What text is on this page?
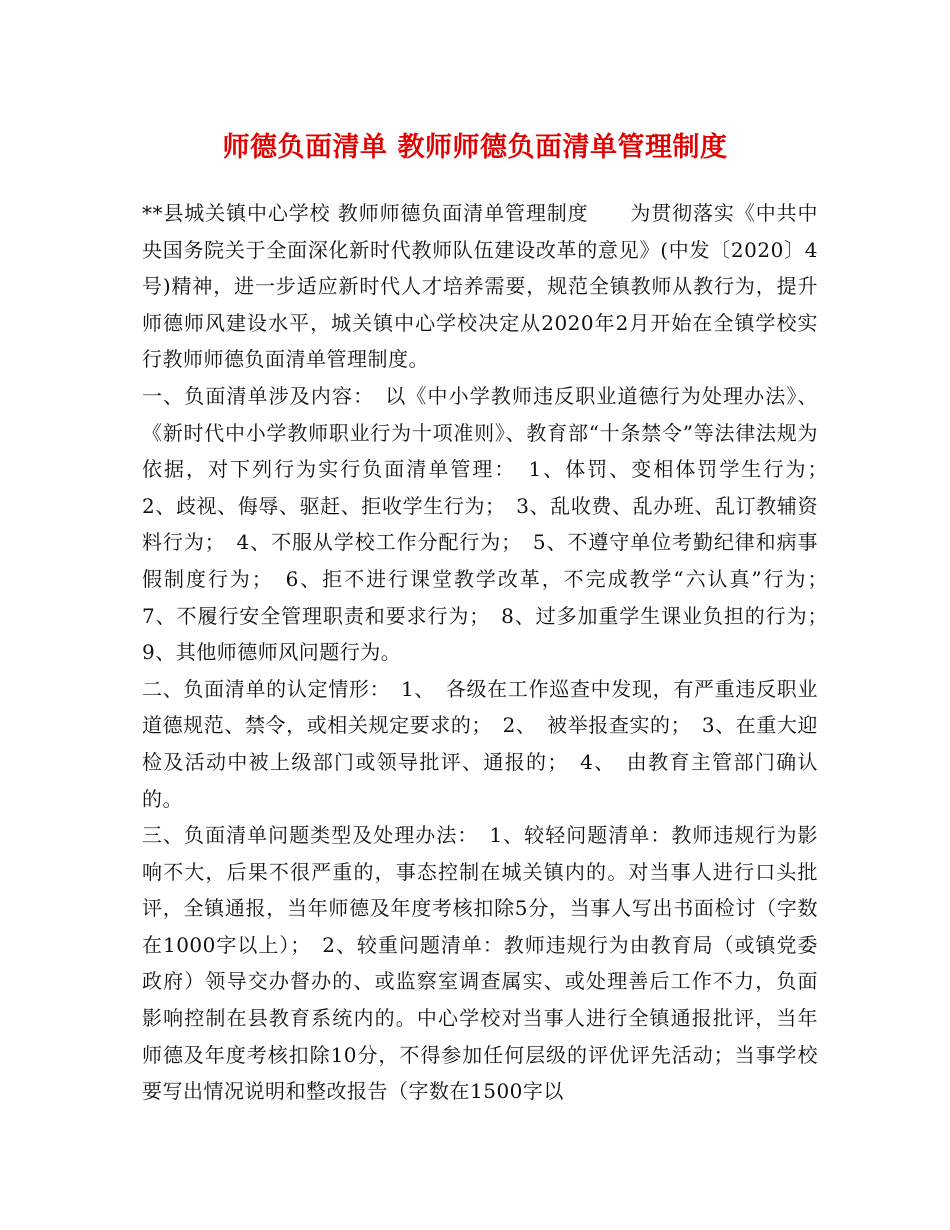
师德负面清单 教师师德负面清单管理制度

**县城关镇中心学校 教师师德负面清单管理制度　　为贯彻落实《中共中央国务院关于全面深化新时代教师队伍建设改革的意见》(中发〔2020〕4号)精神，进一步适应新时代人才培养需要，规范全镇教师从教行为，提升师德师风建设水平，城关镇中心学校决定从2020年2月开始在全镇学校实行教师师德负面清单管理制度。

一、负面清单涉及内容：　以《中小学教师违反职业道德行为处理办法》、《新时代中小学教师职业行为十项准则》、教育部“十条禁令”等法律法规为依据，对下列行为实行负面清单管理：　1、体罚、变相体罚学生行为；　2、歧视、侮辱、驱赶、拒收学生行为；　3、乱收费、乱办班、乱订教辅资料行为；　4、不服从学校工作分配行为；　5、不遵守单位考勤纪律和病事假制度行为；　6、拒不进行课堂教学改革，不完成教学“六认真”行为；　7、不履行安全管理职责和要求行为；　8、过多加重学生课业负担的行为；　9、其他师德师风问题行为。

二、负面清单的认定情形：　1、　各级在工作巡查中发现，有严重违反职业道德规范、禁令，或相关规定要求的；　2、　被举报查实的；　3、在重大迎检及活动中被上级部门或领导批评、通报的；　4、　由教育主管部门确认的。

三、负面清单问题类型及处理办法：　1、较轻问题清单：教师违规行为影响不大，后果不很严重的，事态控制在城关镇内的。对当事人进行口头批评，全镇通报，当年师德及年度考核扣除5分，当事人写出书面检讨（字数在1000字以上）；　2、较重问题清单：教师违规行为由教育局（或镇党委政府）领导交办督办的、或监察室调查属实、或处理善后工作不力，负面影响控制在县教育系统内的。中心学校对当事人进行全镇通报批评，当年师德及年度考核扣除10分，不得参加任何层级的评优评先活动；当事学校要写出情况说明和整改报告（字数在1500字以
